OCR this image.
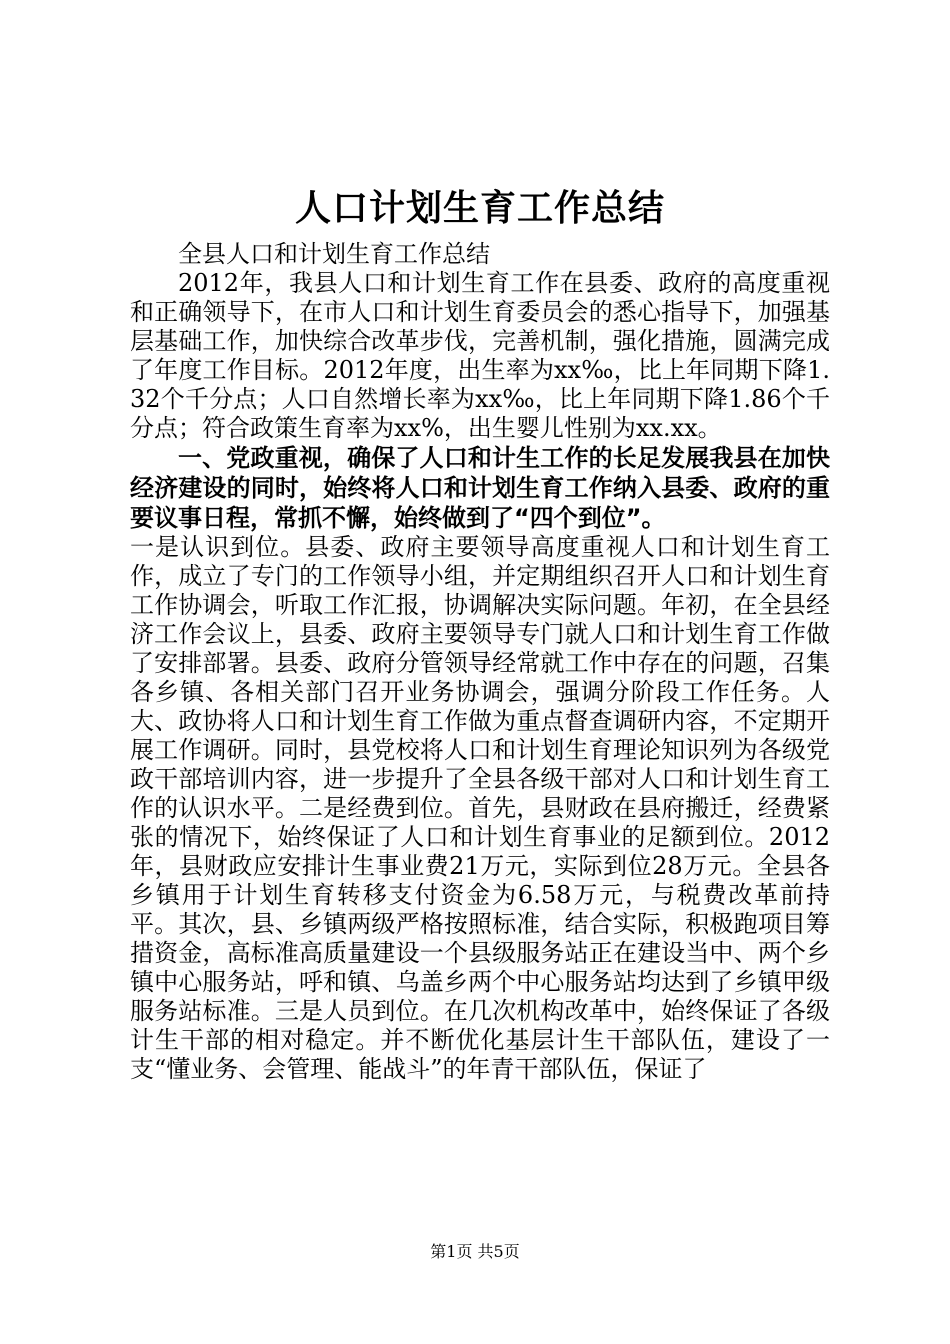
人口计划生育工作总结

全县人口和计划生育工作总结

2012年，我县人口和计划生育工作在县委、政府的高度重视和正确领导下，在市人口和计划生育委员会的悉心指导下，加强基层基础工作，加快综合改革步伐，完善机制，强化措施，圆满完成了年度工作目标。2012年度，出生率为xx‰，比上年同期下降1.32个千分点；人口自然增长率为xx‰，比上年同期下降1.86个千分点；符合政策生育率为xx%，出生婴儿性别为xx.xx。

一、党政重视，确保了人口和计生工作的长足发展我县在加快经济建设的同时，始终将人口和计划生育工作纳入县委、政府的重要议事日程，常抓不懈，始终做到了“四个到位”。

一是认识到位。县委、政府主要领导高度重视人口和计划生育工作，成立了专门的工作领导小组，并定期组织召开人口和计划生育工作协调会，听取工作汇报，协调解决实际问题。年初，在全县经济工作会议上，县委、政府主要领导专门就人口和计划生育工作做了安排部署。县委、政府分管领导经常就工作中存在的问题，召集各乡镇、各相关部门召开业务协调会，强调分阶段工作任务。人大、政协将人口和计划生育工作做为重点督查调研内容，不定期开展工作调研。同时，县党校将人口和计划生育理论知识列为各级党政干部培训内容，进一步提升了全县各级干部对人口和计划生育工作的认识水平。二是经费到位。首先，县财政在县府搬迁，经费紧张的情况下，始终保证了人口和计划生育事业的足额到位。2012年，县财政应安排计生事业费21万元，实际到位28万元。全县各乡镇用于计划生育转移支付资金为6.58万元，与税费改革前持平。其次，县、乡镇两级严格按照标准，结合实际，积极跑项目筹措资金，高标准高质量建设一个县级服务站正在建设当中、两个乡镇中心服务站，呼和镇、乌盖乡两个中心服务站均达到了乡镇甲级服务站标准。三是人员到位。在几次机构改革中，始终保证了各级计生干部的相对稳定。并不断优化基层计生干部队伍，建设了一支“懂业务、会管理、能战斗”的年青干部队伍，保证了

第1页 共5页
